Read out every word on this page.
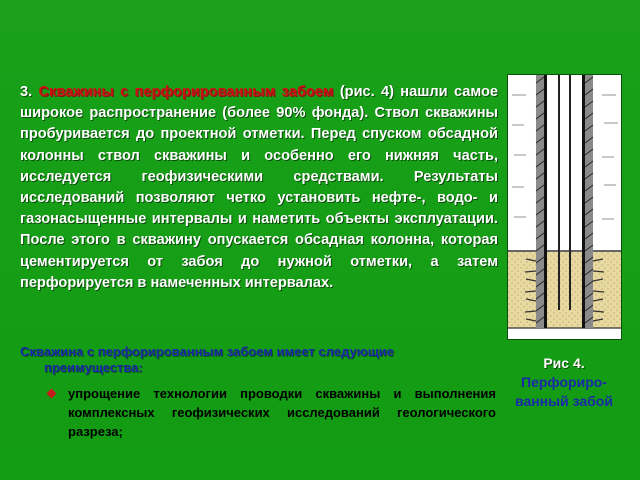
3. Скважины с перфорированным забоем (рис. 4) нашли самое широкое распространение (более 90% фонда). Ствол скважины пробуривается до проектной отметки. Перед спуском обсадной колонны ствол скважины и особенно его нижняя часть, исследуется геофизическими средствами. Результаты исследований позволяют четко установить нефте-, водо- и газонасыщенные интервалы и наметить объекты эксплуатации. После этого в скважину опускается обсадная колонна, которая цементируется от забоя до нужной отметки, а затем перфорируется в намеченных интервалах.
Скважина с перфорированным забоем имеет следующие
преимущества:
упрощение технологии проводки скважины и выполнения комплексных геофизических исследований геологического разреза;
Рис 4.
Перфориро-ванный забой
